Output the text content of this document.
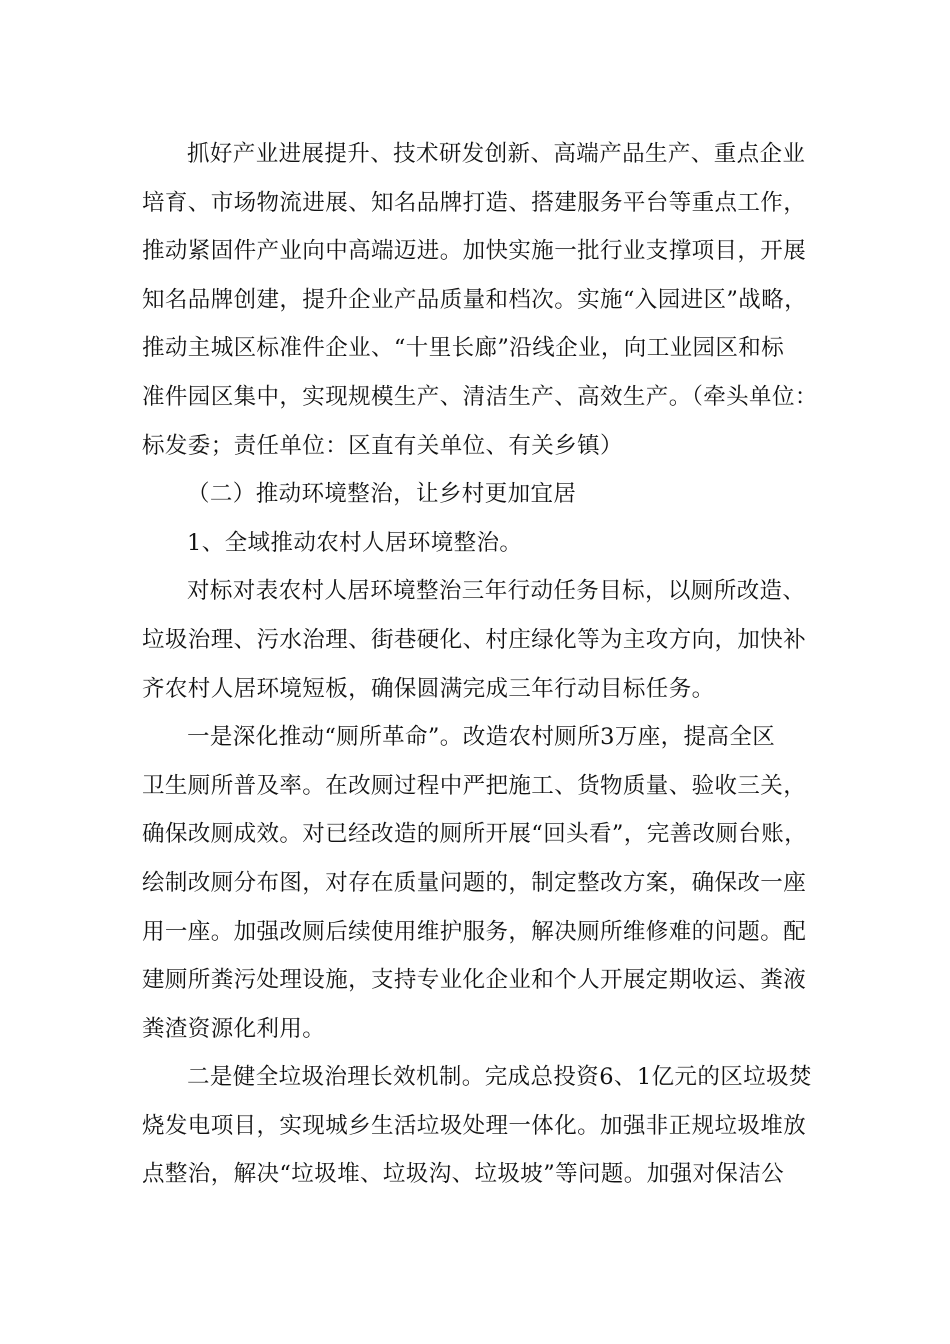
抓好产业进展提升、技术研发创新、高端产品生产、重点企业
培育、市场物流进展、知名品牌打造、搭建服务平台等重点工作，
推动紧固件产业向中高端迈进。加快实施一批行业支撑项目，开展
知名品牌创建，提升企业产品质量和档次。实施“入园进区”战略，
推动主城区标准件企业、“十里长廊”沿线企业，向工业园区和标
准件园区集中，实现规模生产、清洁生产、高效生产。（牵头单位：
标发委；责任单位：区直有关单位、有关乡镇）

（二）推动环境整治，让乡村更加宜居

1、全域推动农村人居环境整治。

对标对表农村人居环境整治三年行动任务目标，以厕所改造、
垃圾治理、污水治理、街巷硬化、村庄绿化等为主攻方向，加快补
齐农村人居环境短板，确保圆满完成三年行动目标任务。

一是深化推动“厕所革命”。改造农村厕所3万座，提高全区
卫生厕所普及率。在改厕过程中严把施工、货物质量、验收三关，
确保改厕成效。对已经改造的厕所开展“回头看”，完善改厕台账，
绘制改厕分布图，对存在质量问题的，制定整改方案，确保改一座
用一座。加强改厕后续使用维护服务，解决厕所维修难的问题。配
建厕所粪污处理设施，支持专业化企业和个人开展定期收运、粪液
粪渣资源化利用。

二是健全垃圾治理长效机制。完成总投资6、1亿元的区垃圾焚
烧发电项目，实现城乡生活垃圾处理一体化。加强非正规垃圾堆放
点整治，解决“垃圾堆、垃圾沟、垃圾坡”等问题。加强对保洁公
